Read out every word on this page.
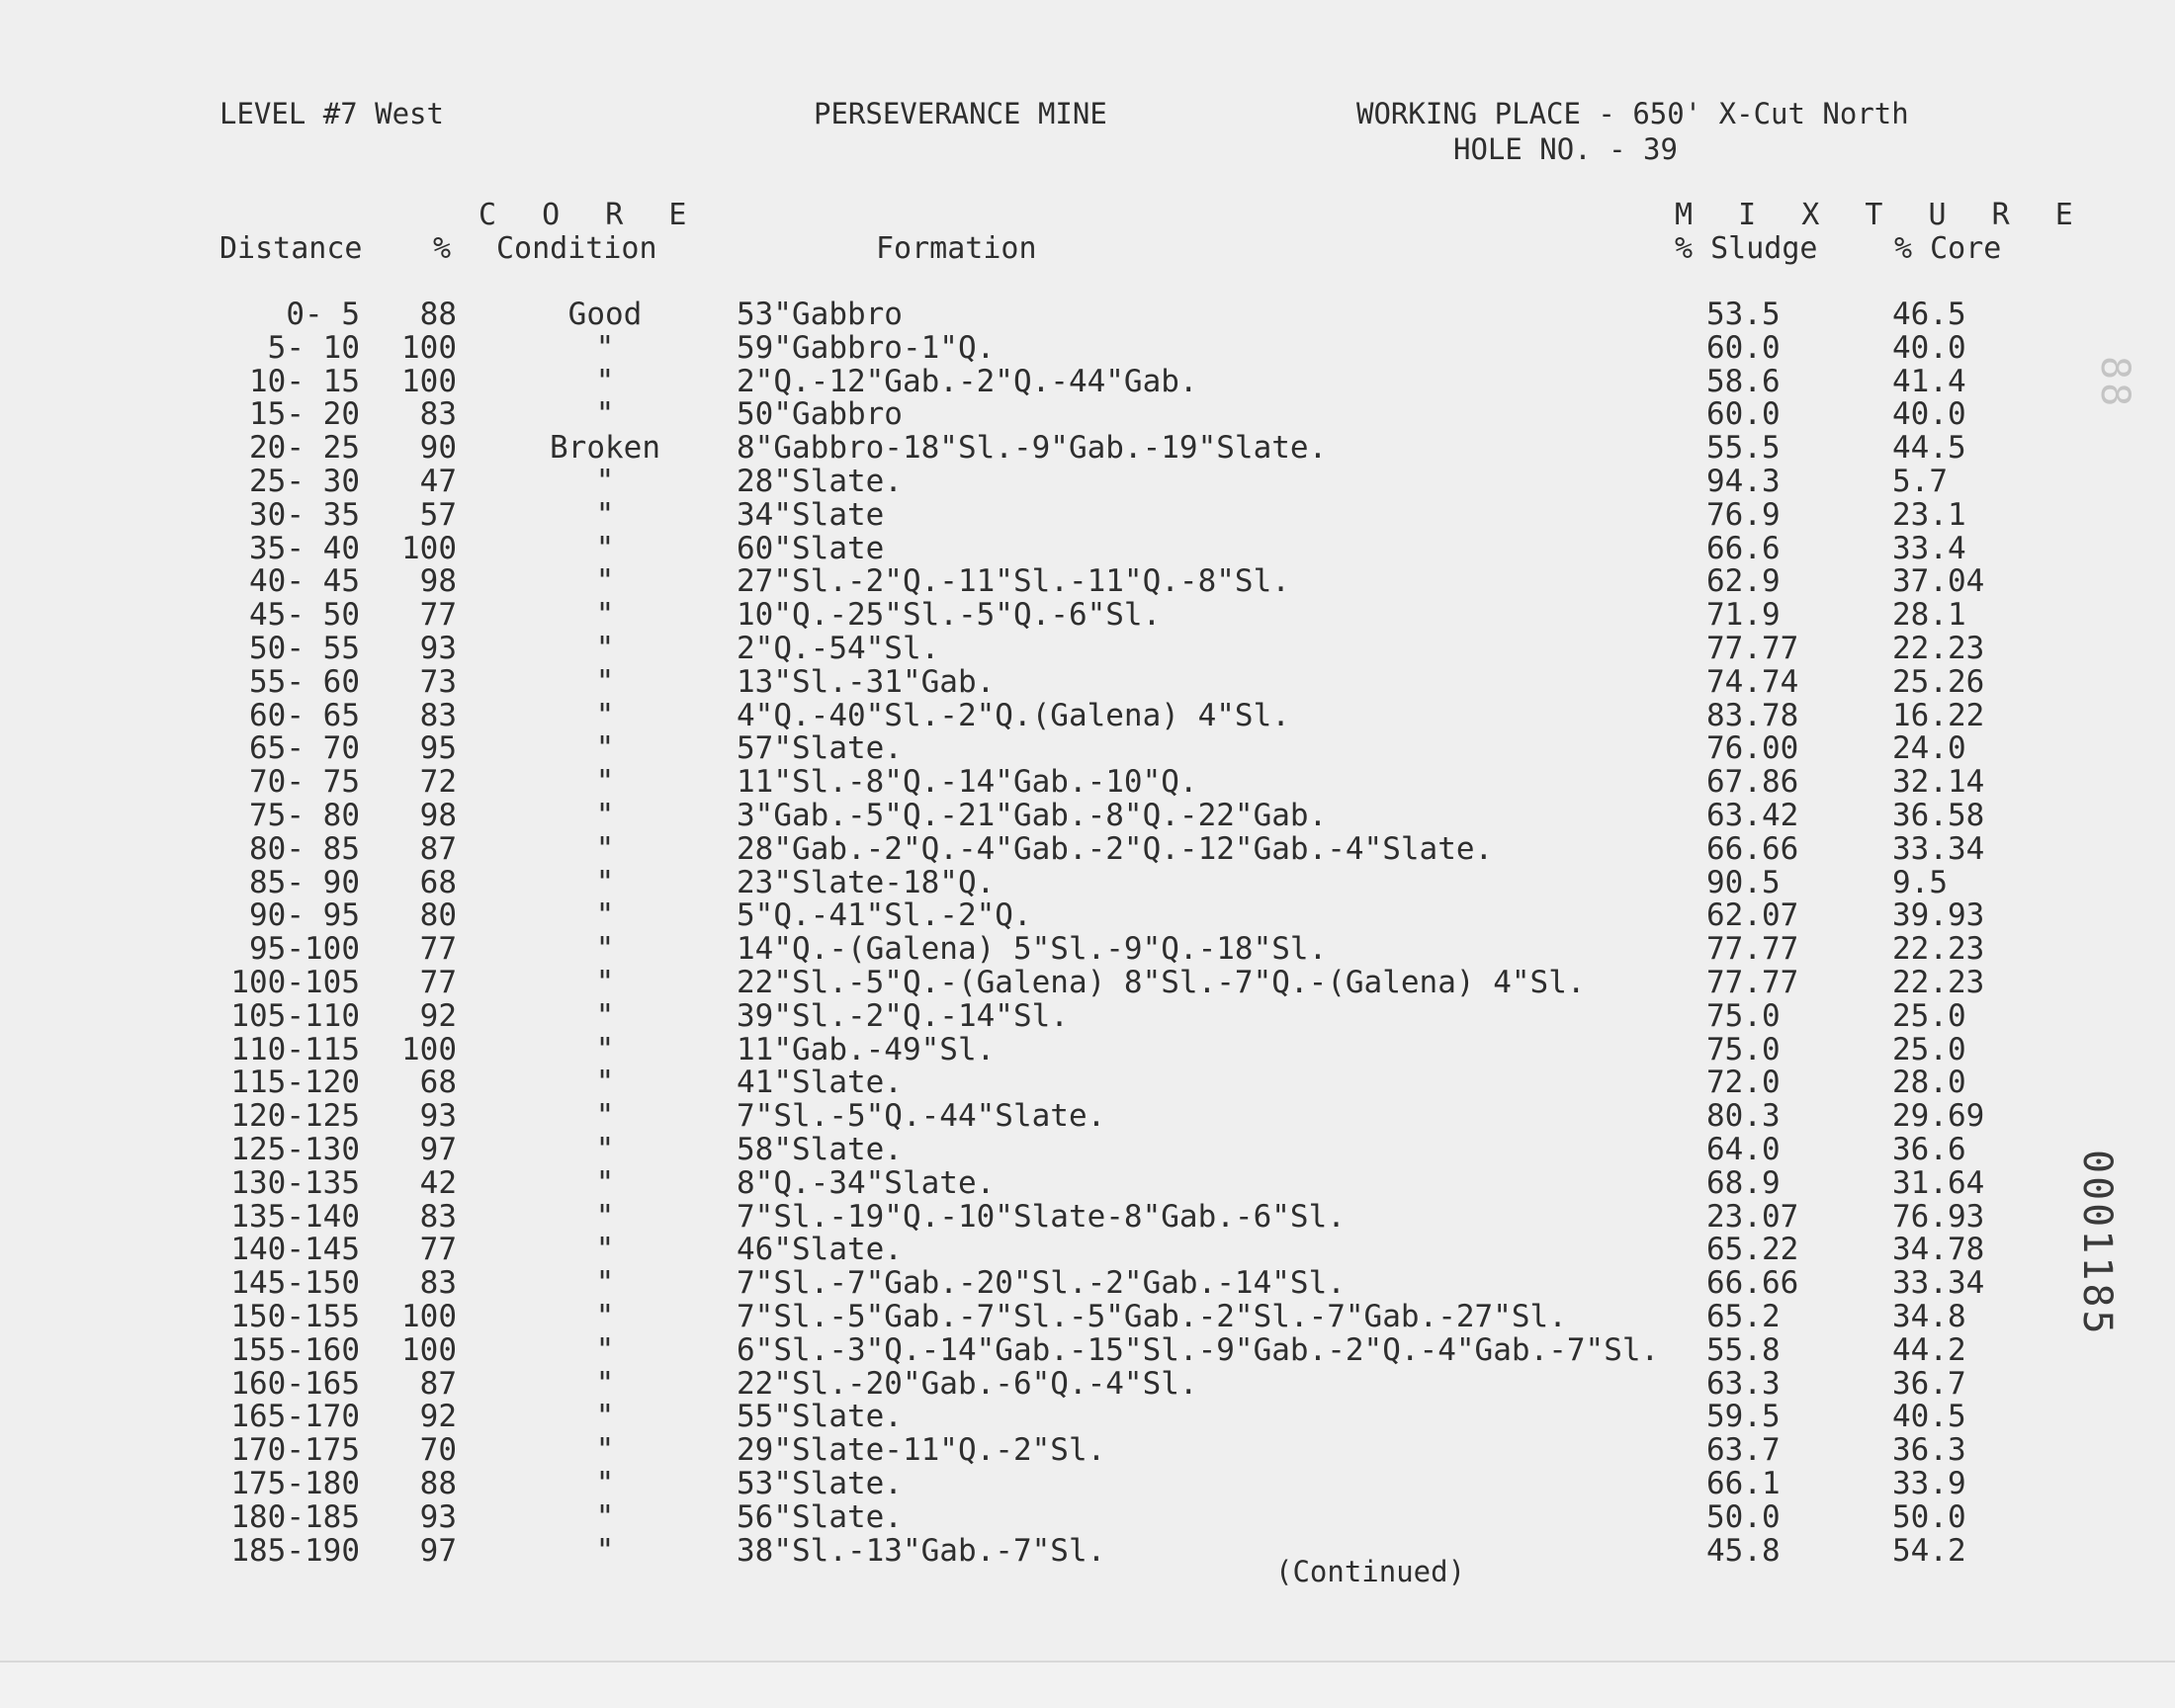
LEVEL #7 West	PERSEVERANCE MINE	WORKING PLACE - 650' X-Cut North
HOLE NO. - 39
C O R E	M I X T U R E
Distance % Condition	Formation	% Sludge	% Core
0- 5	88	Good	53"Gabbro	53.5	46.5
5- 10	100	"	59"Gabbro-1"Q.	60.0	40.0
10- 15	100	"	2"Q.-12"Gab.-2"Q.-44"Gab.	58.6	41.4
15- 20	83	"	50"Gabbro	60.0	40.0
20- 25	90	Broken	8"Gabbro-18"Sl.-9"Gab.-19"Slate.	55.5	44.5
25- 30	47	"	28"Slate.	94.3	5.7
30- 35	57	"	34"Slate	76.9	23.1
35- 40	100	"	60"Slate	66.6	33.4
40- 45	98	"	27"Sl.-2"Q.-11"Sl.-11"Q.-8"Sl.	62.9	37.04
45- 50	77	"	10"Q.-25"Sl.-5"Q.-6"Sl.	71.9	28.1
50- 55	93	"	2"Q.-54"Sl.	77.77	22.23
55- 60	73	"	13"Sl.-31"Gab.	74.74	25.26
60- 65	83	"	4"Q.-40"Sl.-2"Q.(Galena) 4"Sl.	83.78	16.22
65- 70	95	"	57"Slate.	76.00	24.0
70- 75	72	"	11"Sl.-8"Q.-14"Gab.-10"Q.	67.86	32.14
75- 80	98	"	3"Gab.-5"Q.-21"Gab.-8"Q.-22"Gab.	63.42	36.58
80- 85	87	"	28"Gab.-2"Q.-4"Gab.-2"Q.-12"Gab.-4"Slate.	66.66	33.34
85- 90	68	"	23"Slate-18"Q.	90.5	9.5
90- 95	80	"	5"Q.-41"Sl.-2"Q.	62.07	39.93
95-100	77	"	14"Q.-(Galena) 5"Sl.-9"Q.-18"Sl.	77.77	22.23
100-105	77	"	22"Sl.-5"Q.-(Galena) 8"Sl.-7"Q.-(Galena) 4"Sl.	77.77	22.23
105-110	92	"	39"Sl.-2"Q.-14"Sl.	75.0	25.0
110-115	100	"	11"Gab.-49"Sl.	75.0	25.0
115-120	68	"	41"Slate.	72.0	28.0
120-125	93	"	7"Sl.-5"Q.-44"Slate.	80.3	29.69
125-130	97	"	58"Slate.	64.0	36.6
130-135	42	"	8"Q.-34"Slate.	68.9	31.64
135-140	83	"	7"Sl.-19"Q.-10"Slate-8"Gab.-6"Sl.	23.07	76.93
140-145	77	"	46"Slate.	65.22	34.78
145-150	83	"	7"Sl.-7"Gab.-20"Sl.-2"Gab.-14"Sl.	66.66	33.34
150-155	100	"	7"Sl.-5"Gab.-7"Sl.-5"Gab.-2"Sl.-7"Gab.-27"Sl.	65.2	34.8
155-160	100	"	6"Sl.-3"Q.-14"Gab.-15"Sl.-9"Gab.-2"Q.-4"Gab.-7"Sl. 55.8	44.2
160-165	87	"	22"Sl.-20"Gab.-6"Q.-4"Sl.	63.3	36.7
165-170	92	"	55"Slate.	59.5	40.5
170-175	70	"	29"Slate-11"Q.-2"Sl.	63.7	36.3
175-180	88	"	53"Slate.	66.1	33.9
180-185	93	"	56"Slate.	50.0	50.0
185-190	97	"	38"Sl.-13"Gab.-7"Sl.	45.8	54.2
(Continued)
88
0001185
